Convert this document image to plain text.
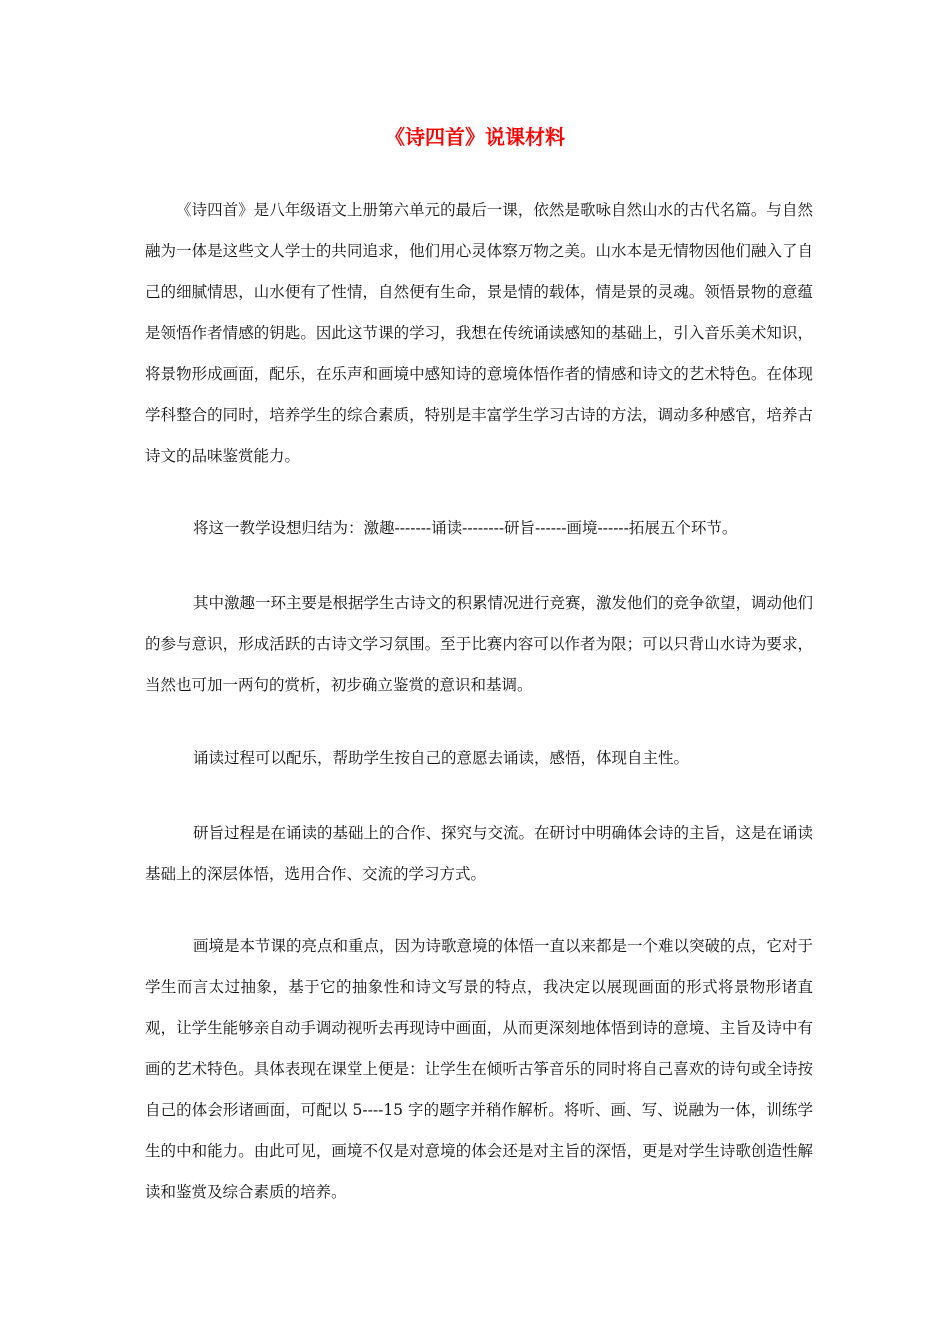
《诗四首》说课材料

《诗四首》是八年级语文上册第六单元的最后一课，依然是歌咏自然山水的古代名篇。与自然融为一体是这些文人学士的共同追求，他们用心灵体察万物之美。山水本是无情物因他们融入了自己的细腻情思，山水便有了性情，自然便有生命，景是情的载体，情是景的灵魂。领悟景物的意蕴是领悟作者情感的钥匙。因此这节课的学习，我想在传统诵读感知的基础上，引入音乐美术知识，将景物形成画面，配乐，在乐声和画境中感知诗的意境体悟作者的情感和诗文的艺术特色。在体现学科整合的同时，培养学生的综合素质，特别是丰富学生学习古诗的方法，调动多种感官，培养古诗文的品味鉴赏能力。

将这一教学设想归结为：激趣-------诵读--------研旨------画境------拓展五个环节。

其中激趣一环主要是根据学生古诗文的积累情况进行竞赛，激发他们的竞争欲望，调动他们的参与意识，形成活跃的古诗文学习氛围。至于比赛内容可以作者为限；可以只背山水诗为要求，当然也可加一两句的赏析，初步确立鉴赏的意识和基调。

诵读过程可以配乐，帮助学生按自己的意愿去诵读，感悟，体现自主性。

研旨过程是在诵读的基础上的合作、探究与交流。在研讨中明确体会诗的主旨，这是在诵读基础上的深层体悟，选用合作、交流的学习方式。

画境是本节课的亮点和重点，因为诗歌意境的体悟一直以来都是一个难以突破的点，它对于学生而言太过抽象，基于它的抽象性和诗文写景的特点，我决定以展现画面的形式将景物形诸直观，让学生能够亲自动手调动视听去再现诗中画面，从而更深刻地体悟到诗的意境、主旨及诗中有画的艺术特色。具体表现在课堂上便是：让学生在倾听古筝音乐的同时将自己喜欢的诗句或全诗按自己的体会形诸画面，可配以 5----15 字的题字并稍作解析。将听、画、写、说融为一体，训练学生的中和能力。由此可见，画境不仅是对意境的体会还是对主旨的深悟，更是对学生诗歌创造性解读和鉴赏及综合素质的培养。
